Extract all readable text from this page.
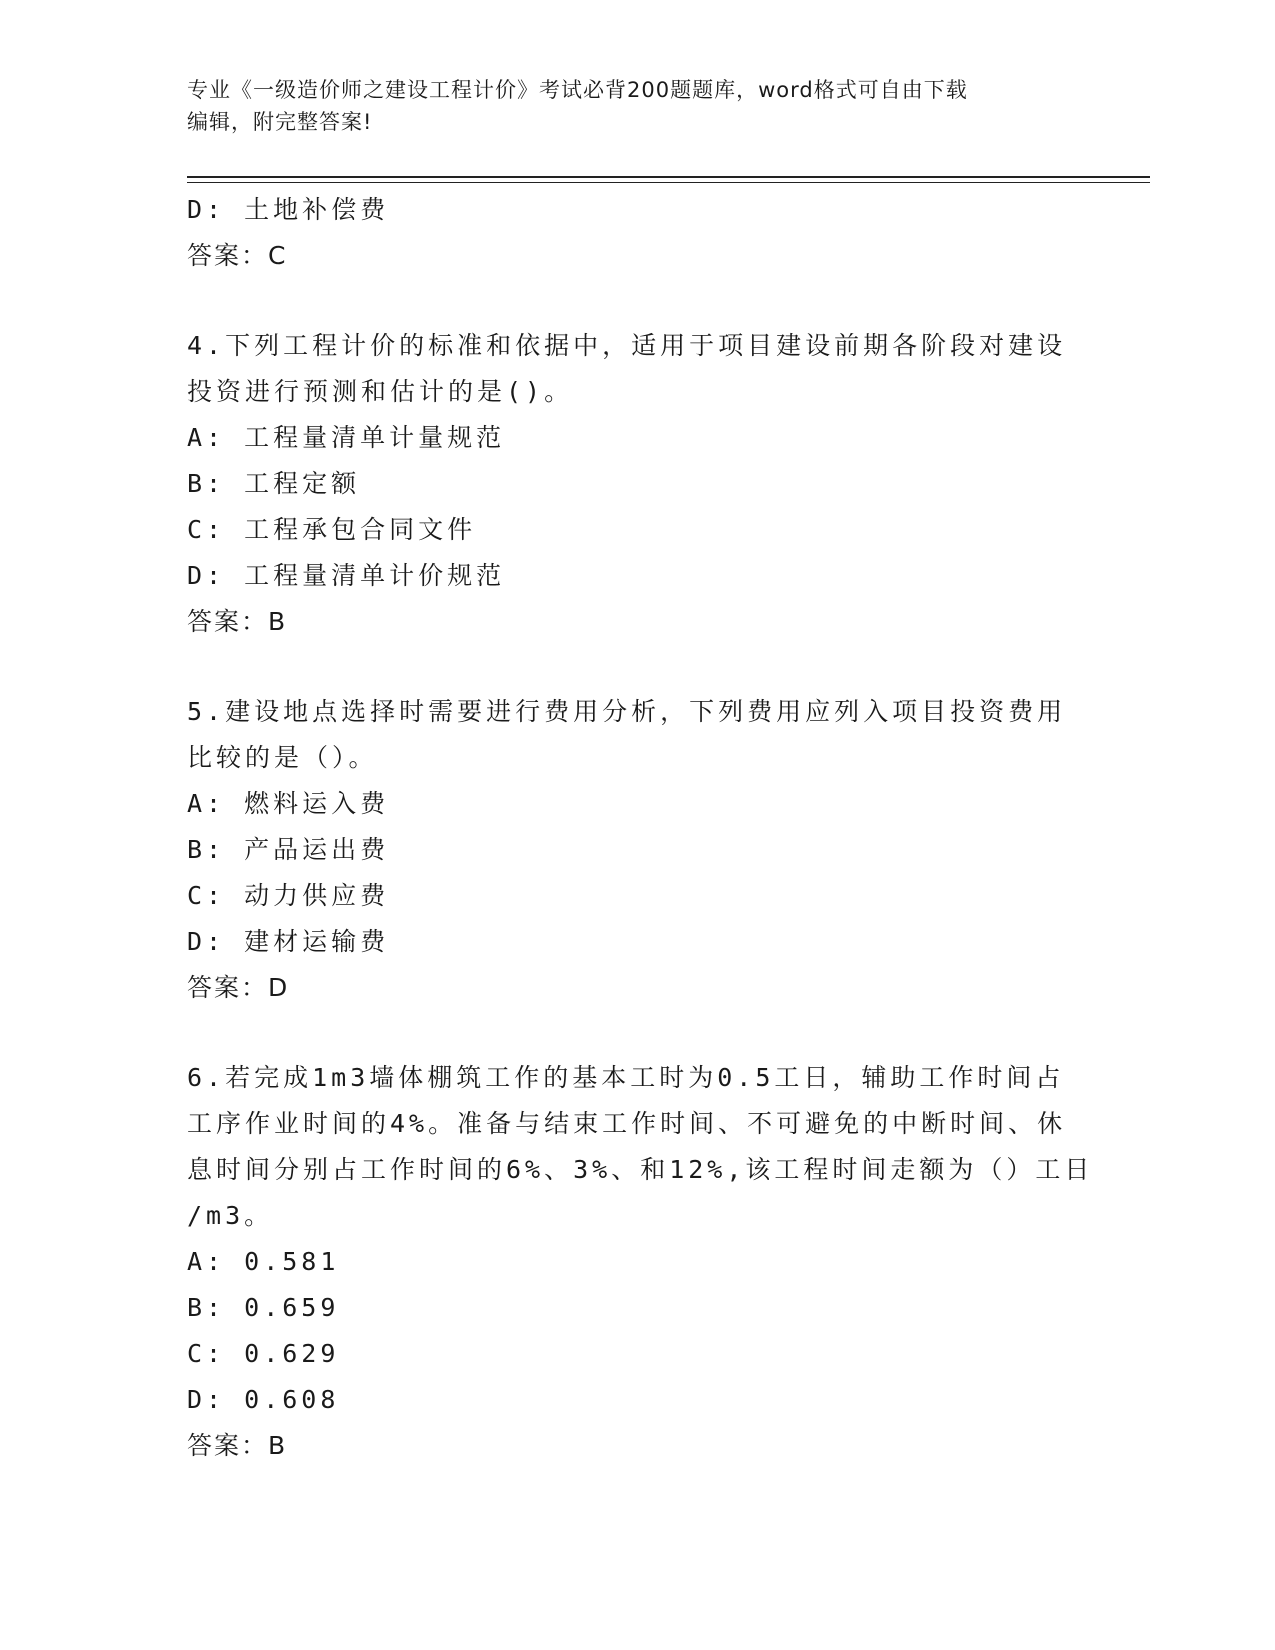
专业《一级造价师之建设工程计价》考试必背200题题库，word格式可自由下载
编辑，附完整答案!
D: 土地补偿费
答案：C
4.下列工程计价的标准和依据中，适用于项目建设前期各阶段对建设
投资进行预测和估计的是()。
A: 工程量清单计量规范
B: 工程定额
C: 工程承包合同文件
D: 工程量清单计价规范
答案：B
5.建设地点选择时需要进行费用分析，下列费用应列入项目投资费用
比较的是（）。
A: 燃料运入费
B: 产品运出费
C: 动力供应费
D: 建材运输费
答案：D
6.若完成1m3墙体棚筑工作的基本工时为0.5工日，辅助工作时间占
工序作业时间的4%。准备与结束工作时间、不可避免的中断时间、休
息时间分别占工作时间的6%、3%、和12%,该工程时间走额为（）工日
/m3。
A: 0.581
B: 0.659
C: 0.629
D: 0.608
答案：B
